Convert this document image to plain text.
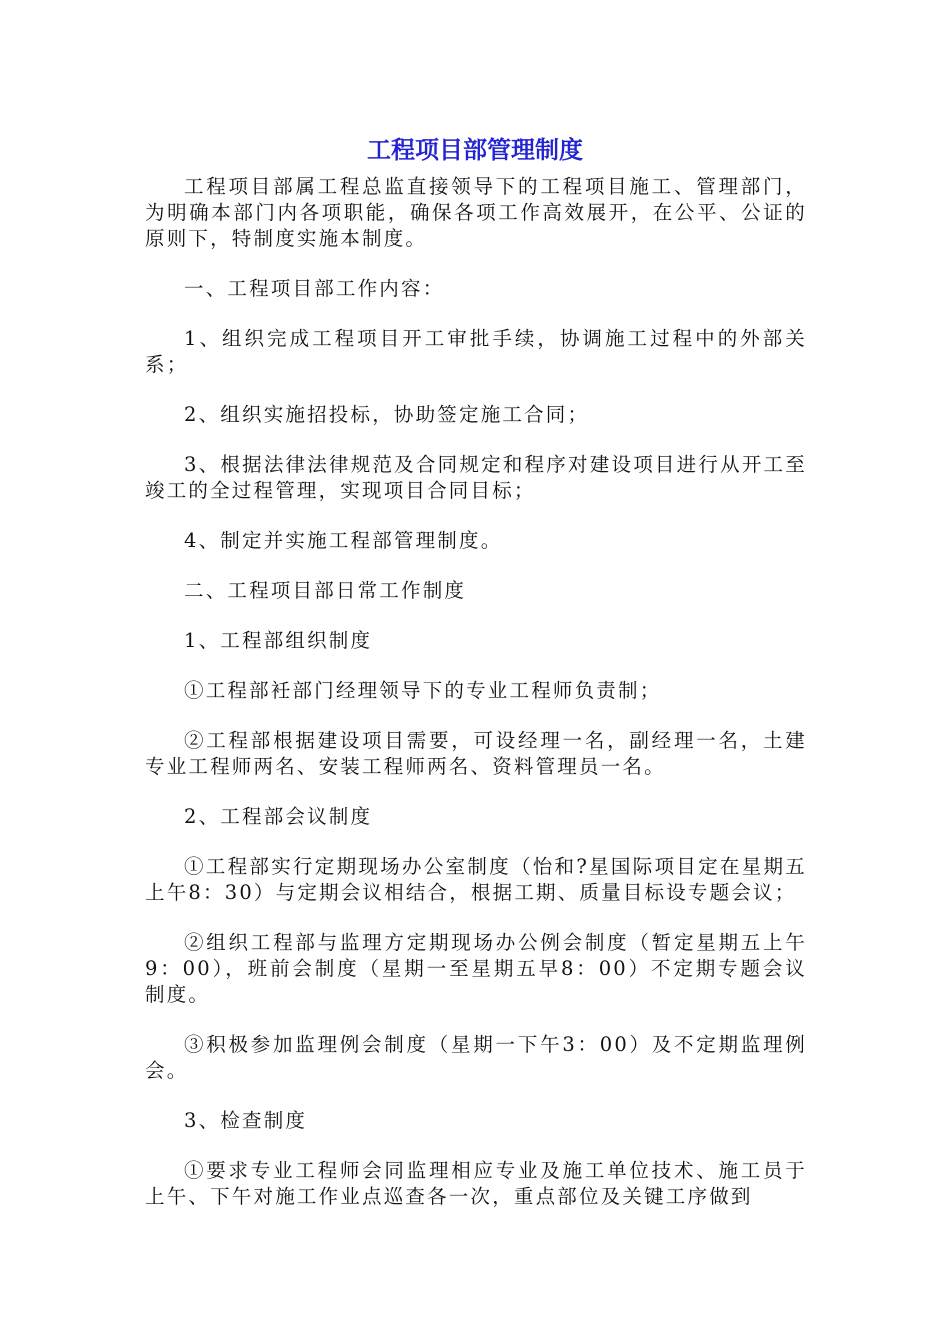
工程项目部管理制度

工程项目部属工程总监直接领导下的工程项目施工、管理部门，为明确本部门内各项职能，确保各项工作高效展开，在公平、公证的原则下，特制度实施本制度。

一、工程项目部工作内容：

1、组织完成工程项目开工审批手续，协调施工过程中的外部关系；

2、组织实施招投标，协助签定施工合同；

3、根据法律法律规范及合同规定和程序对建设项目进行从开工至竣工的全过程管理，实现项目合同目标；

4、制定并实施工程部管理制度。

二、工程项目部日常工作制度

1、工程部组织制度

①工程部衽部门经理领导下的专业工程师负责制；

②工程部根据建设项目需要，可设经理一名，副经理一名，土建专业工程师两名、安装工程师两名、资料管理员一名。

2、工程部会议制度

①工程部实行定期现场办公室制度（怡和?星国际项目定在星期五上午8：30）与定期会议相结合，根据工期、质量目标设专题会议；

②组织工程部与监理方定期现场办公例会制度（暂定星期五上午9：00），班前会制度（星期一至星期五早8：00）不定期专题会议制度。

③积极参加监理例会制度（星期一下午3：00）及不定期监理例会。

3、检查制度

①要求专业工程师会同监理相应专业及施工单位技术、施工员于上午、下午对施工作业点巡查各一次，重点部位及关键工序做到
